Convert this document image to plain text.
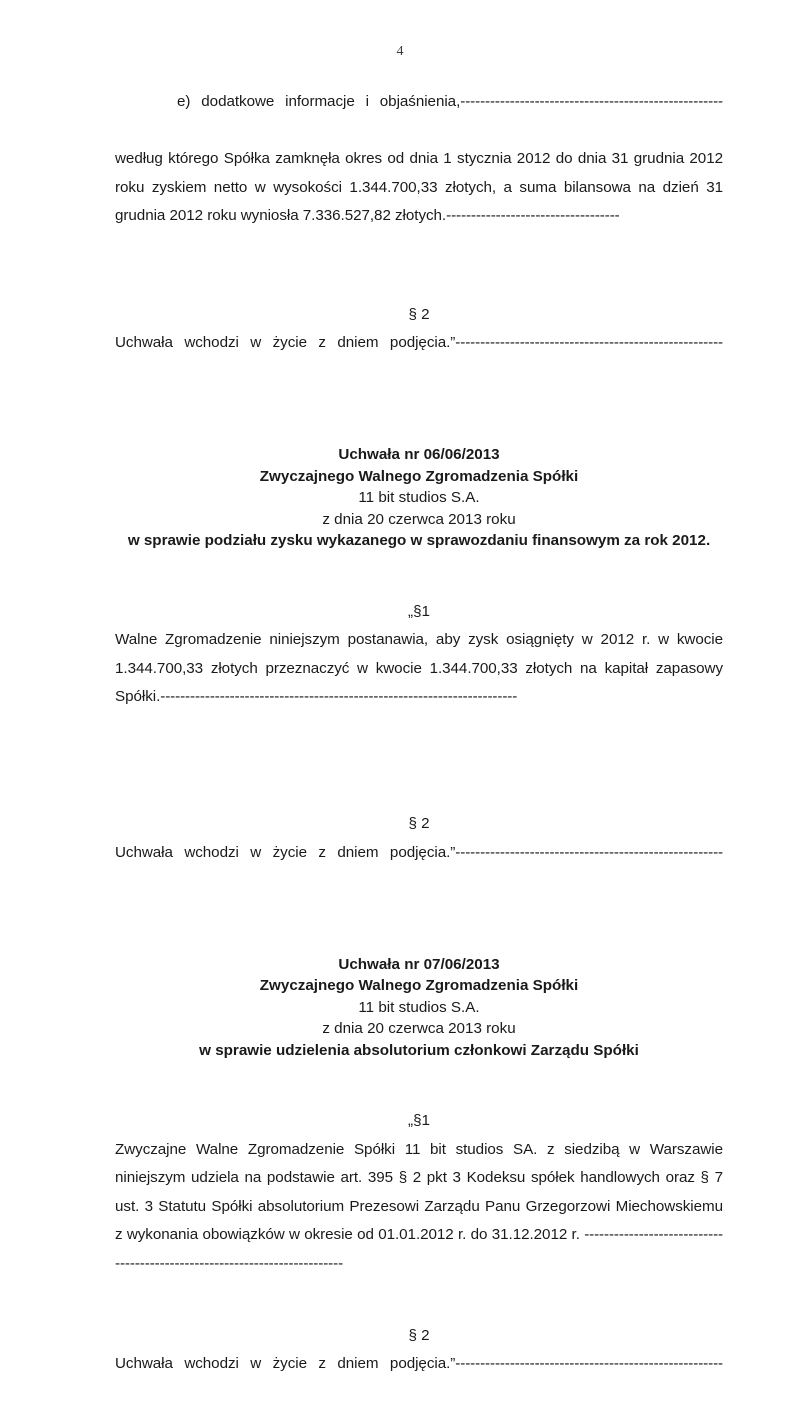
4

e) dodatkowe informacje i objaśnienia,-----------------------------------------------------

według którego Spółka zamknęła okres od dnia 1 stycznia 2012 do dnia 31 grudnia 2012 roku zyskiem netto w wysokości 1.344.700,33 złotych, a suma bilansowa na dzień 31 grudnia 2012 roku wyniosła 7.336.527,82 złotych.-----------------------------------

§ 2

Uchwała wchodzi w życie z dniem podjęcia.”------------------------------------------------------

Uchwała nr 06/06/2013
Zwyczajnego Walnego Zgromadzenia Spółki
11 bit studios S.A.
z dnia 20 czerwca 2013 roku
w sprawie podziału zysku wykazanego w sprawozdaniu finansowym za rok 2012.

„§1

Walne Zgromadzenie niniejszym postanawia, aby zysk osiągnięty w 2012 r. w kwocie 1.344.700,33 złotych przeznaczyć w kwocie 1.344.700,33 złotych na kapitał zapasowy Spółki.------------------------------------------------------------------------

§ 2

Uchwała wchodzi w życie z dniem podjęcia.”------------------------------------------------------

Uchwała nr 07/06/2013
Zwyczajnego Walnego Zgromadzenia Spółki
11 bit studios S.A.
z dnia 20 czerwca 2013 roku
w sprawie udzielenia absolutorium członkowi Zarządu Spółki

„§1

Zwyczajne Walne Zgromadzenie Spółki 11 bit studios SA. z siedzibą w Warszawie niniejszym udziela na podstawie art. 395 § 2 pkt 3 Kodeksu spółek handlowych oraz § 7 ust. 3 Statutu Spółki absolutorium Prezesowi Zarządu Panu Grzegorzowi Miechowskiemu z wykonania obowiązków w okresie od 01.01.2012 r. do 31.12.2012 r. --------------------------------------------------------------------------

§ 2

Uchwała wchodzi w życie z dniem podjęcia.”------------------------------------------------------
